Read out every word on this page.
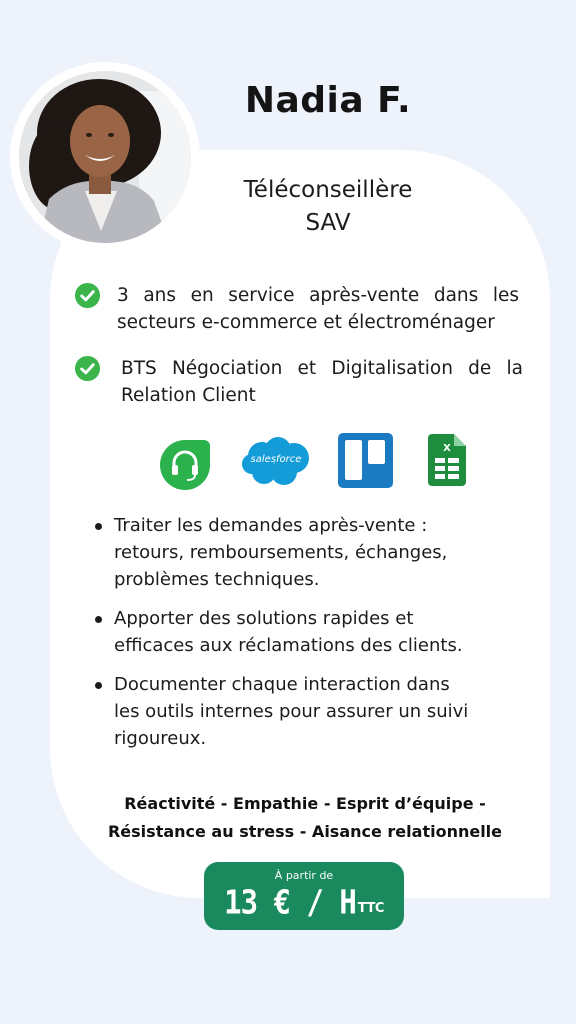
Nadia F.
Téléconseillère
SAV
3 ans en service après-vente dans les secteurs e-commerce et électroménager
BTS Négociation et Digitalisation de la Relation Client
salesforce
X
Traiter les demandes après-vente :
retours, remboursements, échanges,
problèmes techniques.
Apporter des solutions rapides et
efficaces aux réclamations des clients.
Documenter chaque interaction dans
les outils internes pour assurer un suivi
rigoureux.
Réactivité - Empathie - Esprit d’équipe -
Résistance au stress - Aisance relationnelle
À partir de
13 € / H TTC
